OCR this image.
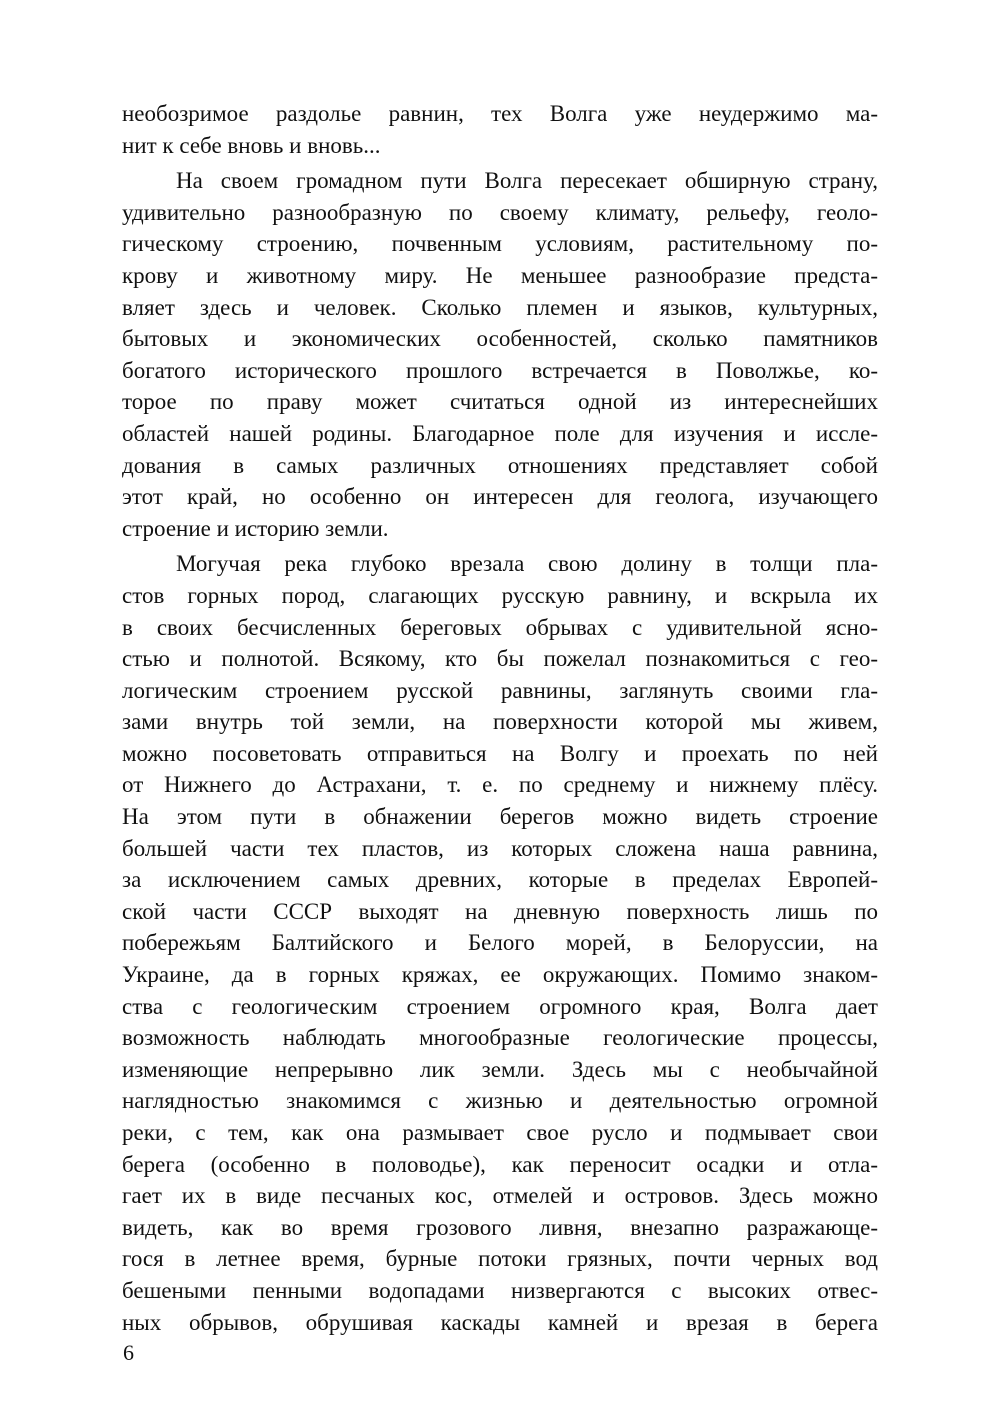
необозримое раздолье равнин, тех Волга уже неудержимо ма-
нит к себе вновь и вновь...
На своем громадном пути Волга пересекает обширную страну,
удивительно разнообразную по своему климату, рельефу, геоло-
гическому строению, почвенным условиям, растительному по-
крову и животному миру. Не меньшее разнообразие предста-
вляет здесь и человек. Сколько племен и языков, культурных,
бытовых и экономических особенностей, сколько памятников
богатого исторического прошлого встречается в Поволжье, ко-
торое по праву может считаться одной из интереснейших
областей нашей родины. Благодарное поле для изучения и иссле-
дования в самых различных отношениях представляет собой
этот край, но особенно он интересен для геолога, изучающего
строение и историю земли.
Могучая река глубоко врезала свою долину в толщи пла-
стов горных пород, слагающих русскую равнину, и вскрыла их
в своих бесчисленных береговых обрывах с удивительной ясно-
стью и полнотой. Всякому, кто бы пожелал познакомиться с гео-
логическим строением русской равнины, заглянуть своими гла-
зами внутрь той земли, на поверхности которой мы живем,
можно посоветовать отправиться на Волгу и проехать по ней
от Нижнего до Астрахани, т. е. по среднему и нижнему плёсу.
На этом пути в обнажении берегов можно видеть строение
большей части тех пластов, из которых сложена наша равнина,
за исключением самых древних, которые в пределах Европей-
ской части СССР выходят на дневную поверхность лишь по
побережьям Балтийского и Белого морей, в Белоруссии, на
Украине, да в горных кряжах, ее окружающих. Помимо знаком-
ства с геологическим строением огромного края, Волга дает
возможность наблюдать многообразные геологические процессы,
изменяющие непрерывно лик земли. Здесь мы с необычайной
наглядностью знакомимся с жизнью и деятельностью огромной
реки, с тем, как она размывает свое русло и подмывает свои
берега (особенно в половодье), как переносит осадки и отла-
гает их в виде песчаных кос, отмелей и островов. Здесь можно
видеть, как во время грозового ливня, внезапно разражающе-
гося в летнее время, бурные потоки грязных, почти черных вод
бешеными пенными водопадами низвергаются с высоких отвес-
ных обрывов, обрушивая каскады камней и врезая в берега
6
